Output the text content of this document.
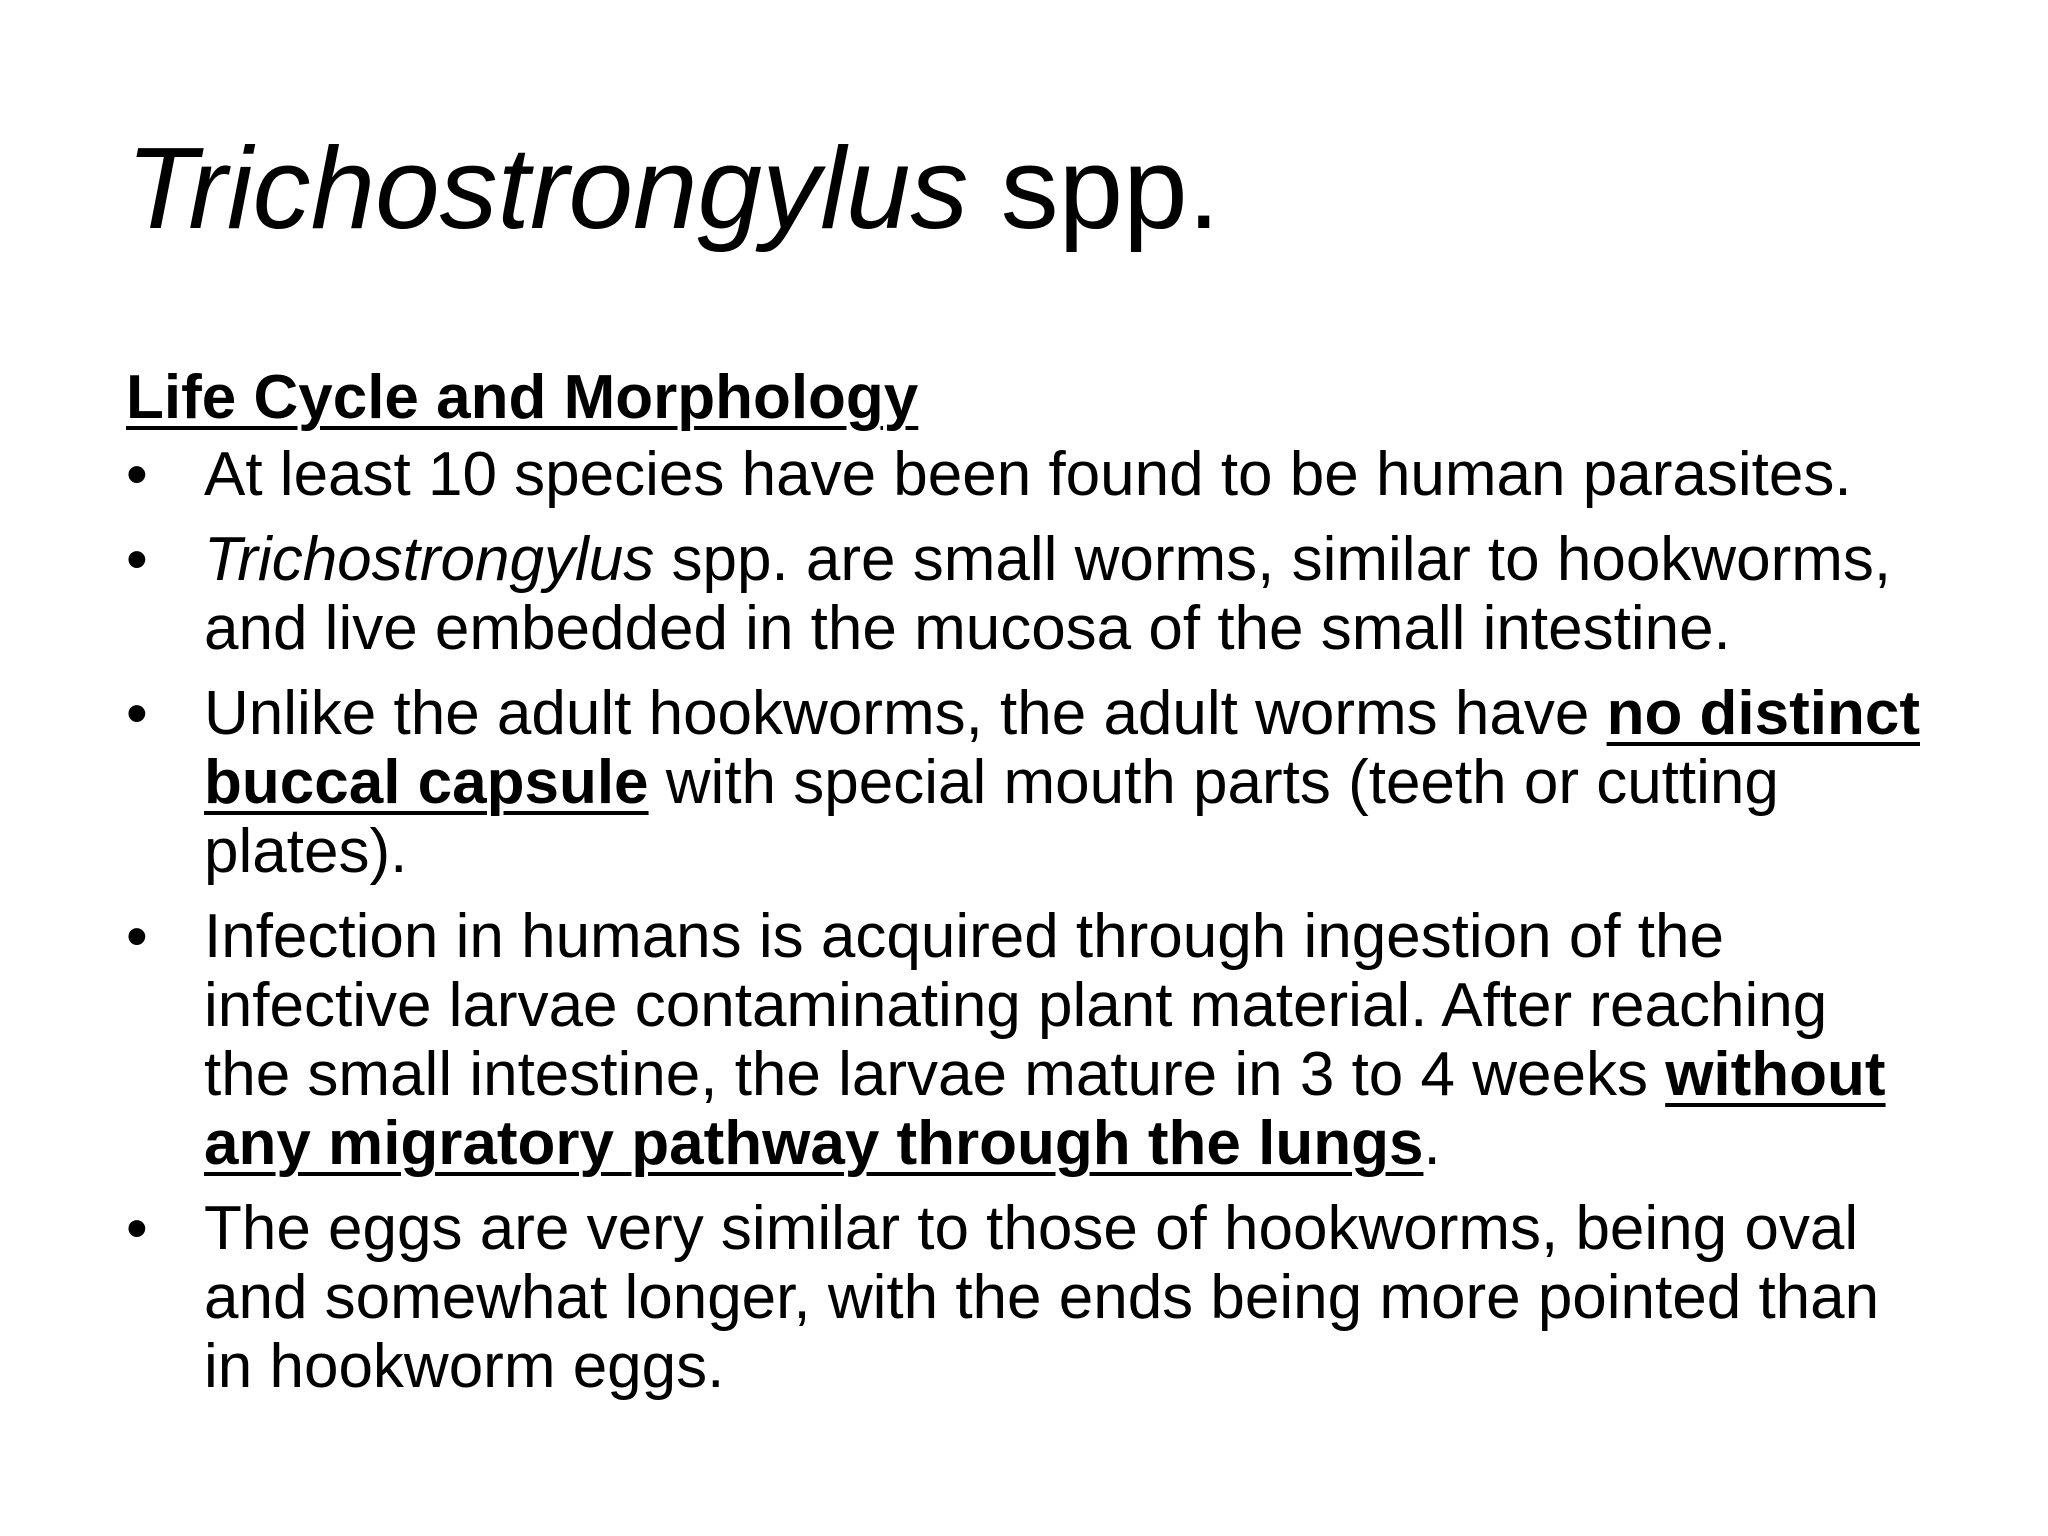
Trichostrongylus spp.
Life Cycle and Morphology
• At least 10 species have been found to be human parasites.
• Trichostrongylus spp. are small worms, similar to hookworms, and live embedded in the mucosa of the small intestine.
• Unlike the adult hookworms, the adult worms have no distinct buccal capsule with special mouth parts (teeth or cutting plates).
• Infection in humans is acquired through ingestion of the infective larvae contaminating plant material. After reaching the small intestine, the larvae mature in 3 to 4 weeks without any migratory pathway through the lungs.
• The eggs are very similar to those of hookworms, being oval and somewhat longer, with the ends being more pointed than in hookworm eggs.
